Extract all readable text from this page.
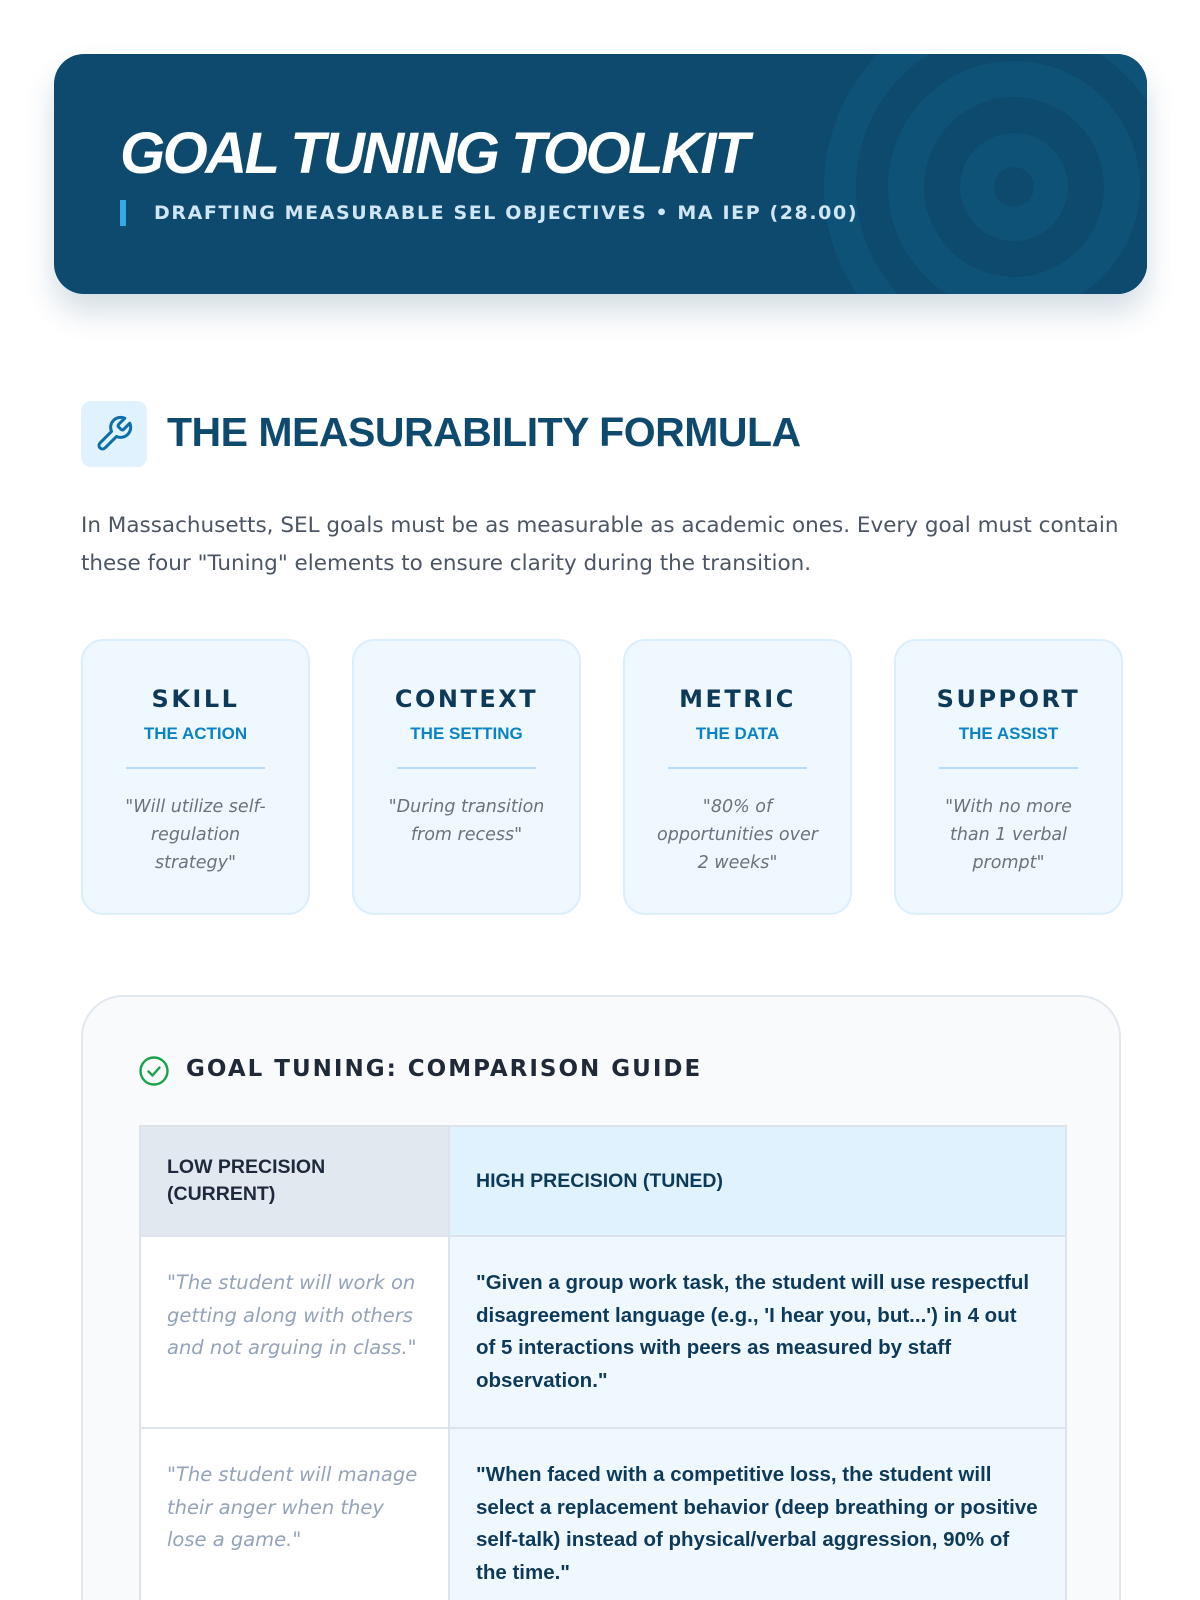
GOAL TUNING TOOLKIT
DRAFTING MEASURABLE SEL OBJECTIVES • MA IEP (28.00)
THE MEASURABILITY FORMULA

In Massachusetts, SEL goals must be as measurable as academic ones. Every goal must contain these four "Tuning" elements to ensure clarity during the transition.

SKILL
THE ACTION
"Will utilize self-regulation strategy"
CONTEXT
THE SETTING
"During transition from recess"
METRIC
THE DATA
"80% of opportunities over 2 weeks"
SUPPORT
THE ASSIST
"With no more than 1 verbal prompt"
GOAL TUNING: COMPARISON GUIDE
LOW PRECISION (CURRENT)	HIGH PRECISION (TUNED)
"The student will work on getting along with others and not arguing in class."	"Given a group work task, the student will use respectful disagreement language (e.g., 'I hear you, but...') in 4 out of 5 interactions with peers as measured by staff observation."
"The student will manage their anger when they lose a game."	"When faced with a competitive loss, the student will select a replacement behavior (deep breathing or positive self-talk) instead of physical/verbal aggression, 90% of the time."
